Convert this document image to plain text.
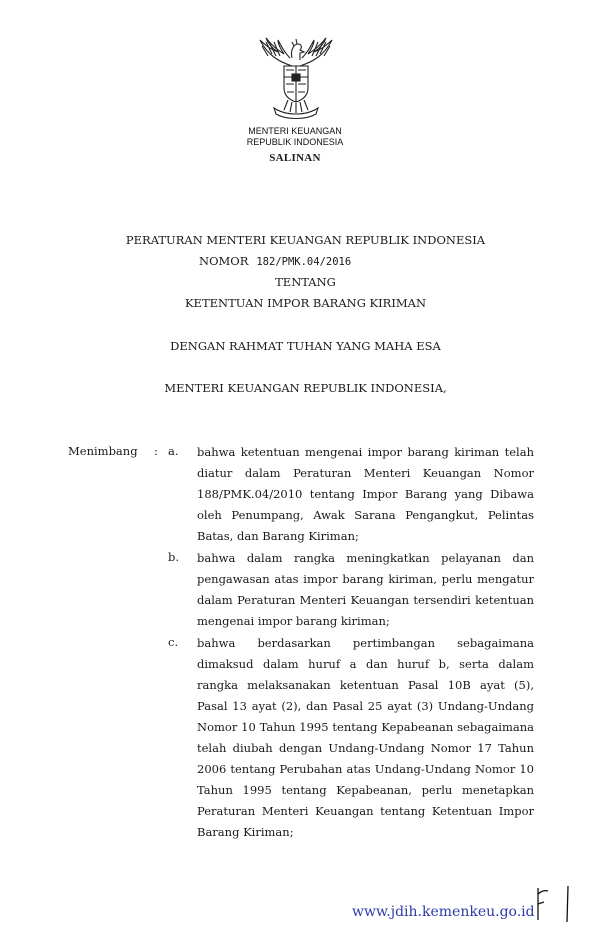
MENTERI KEUANGAN
REPUBLIK INDONESIA
SALINAN
PERATURAN MENTERI KEUANGAN REPUBLIK INDONESIA
NOMOR 182/PMK.04/2016
TENTANG
KETENTUAN IMPOR BARANG KIRIMAN
DENGAN RAHMAT TUHAN YANG MAHA ESA
MENTERI KEUANGAN REPUBLIK INDONESIA,
Menimbang : a. bahwa ketentuan mengenai impor barang kiriman telah
diatur dalam Peraturan Menteri Keuangan Nomor
188/PMK.04/2010 tentang Impor Barang yang Dibawa
oleh Penumpang, Awak Sarana Pengangkut, Pelintas
Batas, dan Barang Kiriman;
b. bahwa dalam rangka meningkatkan pelayanan dan
pengawasan atas impor barang kiriman, perlu mengatur
dalam Peraturan Menteri Keuangan tersendiri ketentuan
mengenai impor barang kiriman;
c. bahwa berdasarkan pertimbangan sebagaimana
dimaksud dalam huruf a dan huruf b, serta dalam
rangka melaksanakan ketentuan Pasal 10B ayat (5),
Pasal 13 ayat (2), dan Pasal 25 ayat (3) Undang-Undang
Nomor 10 Tahun 1995 tentang Kepabeanan sebagaimana
telah diubah dengan Undang-Undang Nomor 17 Tahun
2006 tentang Perubahan atas Undang-Undang Nomor 10
Tahun 1995 tentang Kepabeanan, perlu menetapkan
Peraturan Menteri Keuangan tentang Ketentuan Impor
Barang Kiriman;
www.jdih.kemenkeu.go.id
